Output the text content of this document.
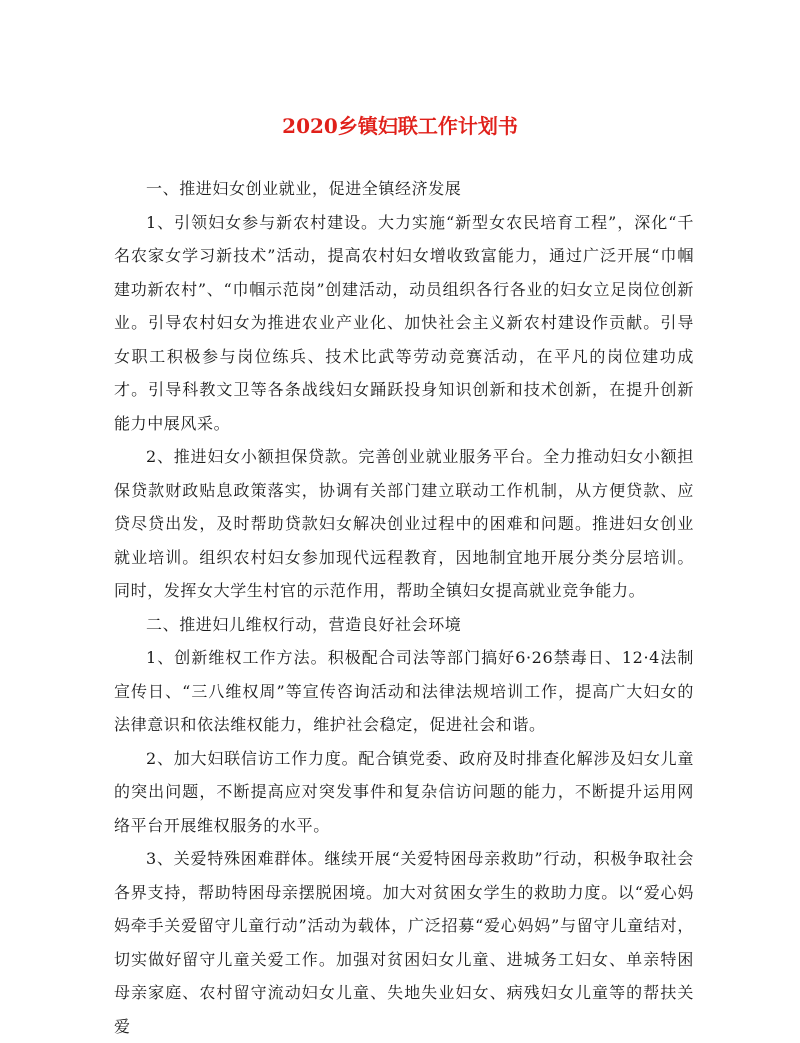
2020乡镇妇联工作计划书

一、推进妇女创业就业，促进全镇经济发展

1、引领妇女参与新农村建设。大力实施“新型女农民培育工程”，深化“千名农家女学习新技术”活动，提高农村妇女增收致富能力，通过广泛开展“巾帼建功新农村”、“巾帼示范岗”创建活动，动员组织各行各业的妇女立足岗位创新业。引导农村妇女为推进农业产业化、加快社会主义新农村建设作贡献。引导女职工积极参与岗位练兵、技术比武等劳动竞赛活动，在平凡的岗位建功成才。引导科教文卫等各条战线妇女踊跃投身知识创新和技术创新，在提升创新能力中展风采。

2、推进妇女小额担保贷款。完善创业就业服务平台。全力推动妇女小额担保贷款财政贴息政策落实，协调有关部门建立联动工作机制，从方便贷款、应贷尽贷出发，及时帮助贷款妇女解决创业过程中的困难和问题。推进妇女创业就业培训。组织农村妇女参加现代远程教育，因地制宜地开展分类分层培训。同时，发挥女大学生村官的示范作用，帮助全镇妇女提高就业竞争能力。

二、推进妇儿维权行动，营造良好社会环境

1、创新维权工作方法。积极配合司法等部门搞好6·26禁毒日、12·4法制宣传日、“三八维权周”等宣传咨询活动和法律法规培训工作，提高广大妇女的法律意识和依法维权能力，维护社会稳定，促进社会和谐。

2、加大妇联信访工作力度。配合镇党委、政府及时排查化解涉及妇女儿童的突出问题，不断提高应对突发事件和复杂信访问题的能力，不断提升运用网络平台开展维权服务的水平。

3、关爱特殊困难群体。继续开展“关爱特困母亲救助”行动，积极争取社会各界支持，帮助特困母亲摆脱困境。加大对贫困女学生的救助力度。以“爱心妈妈牵手关爱留守儿童行动”活动为载体，广泛招募“爱心妈妈”与留守儿童结对，切实做好留守儿童关爱工作。加强对贫困妇女儿童、进城务工妇女、单亲特困母亲家庭、农村留守流动妇女儿童、失地失业妇女、病残妇女儿童等的帮扶关爱
